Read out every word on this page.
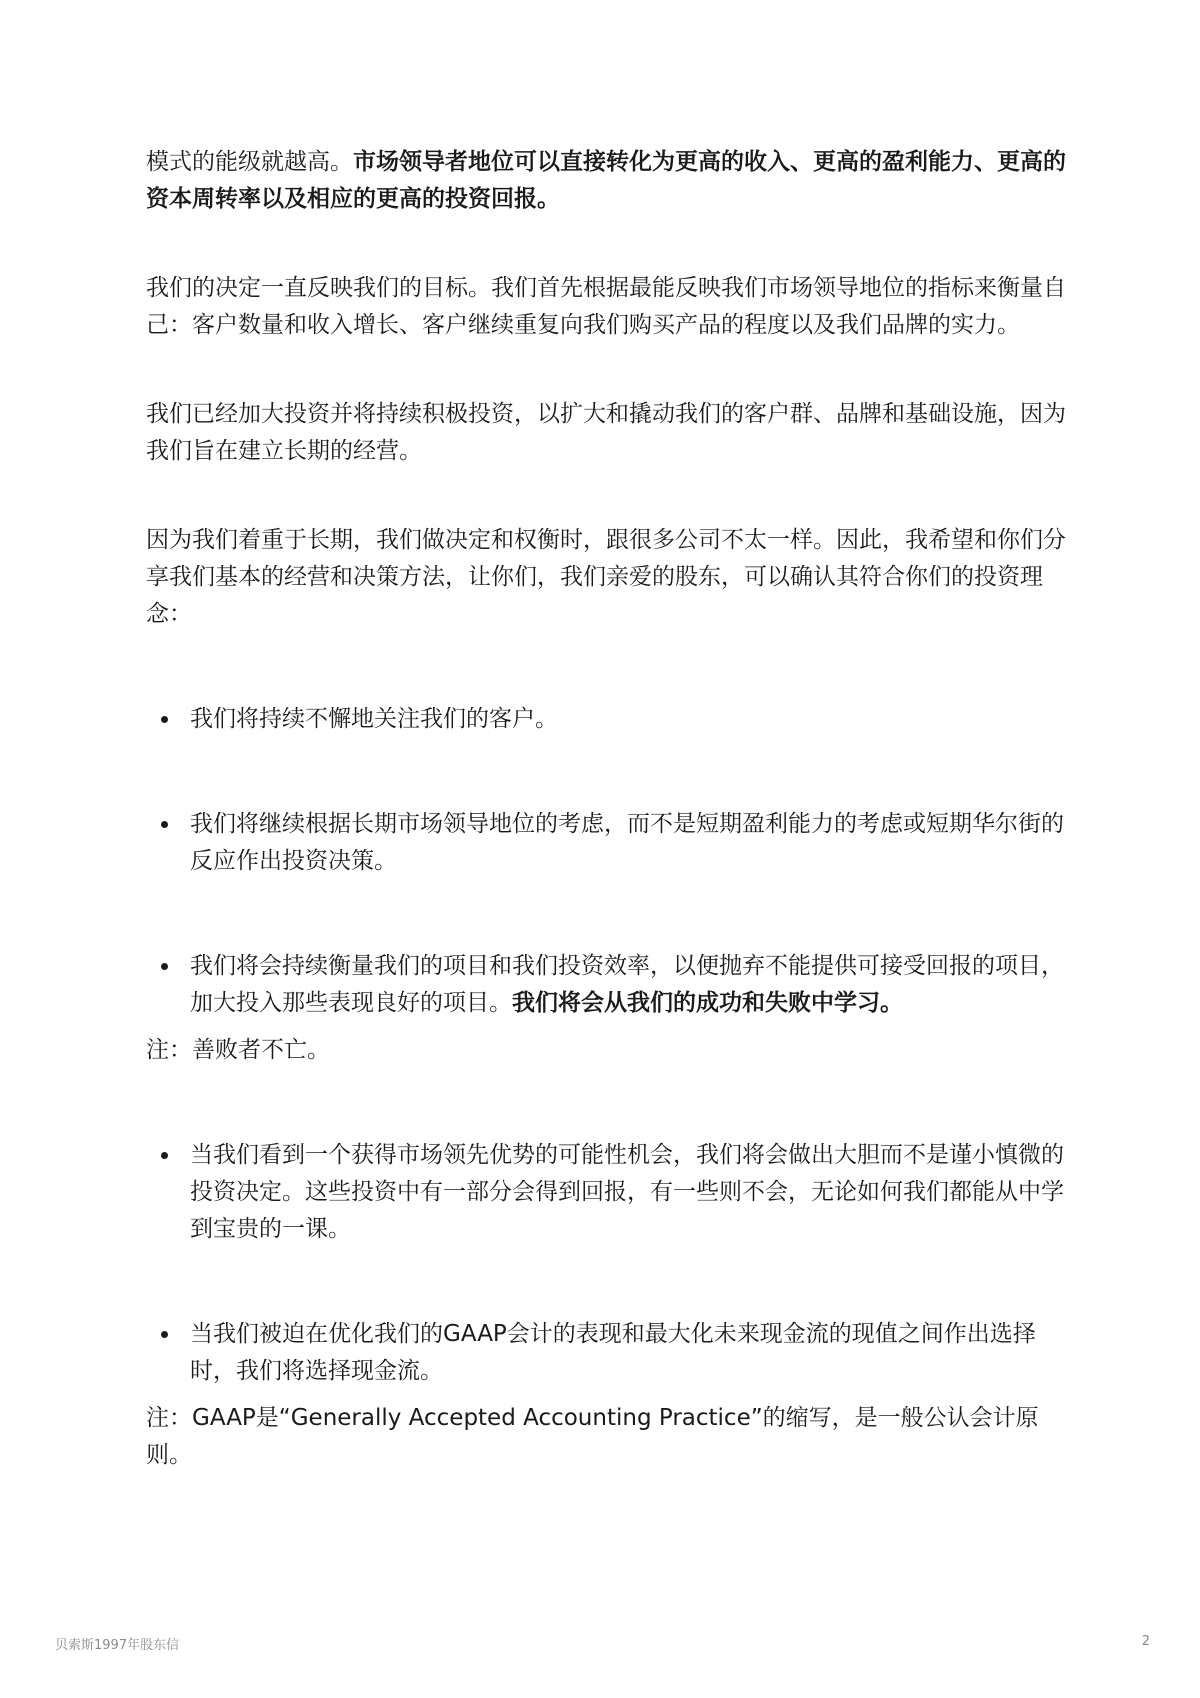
模式的能级就越高。市场领导者地位可以直接转化为更高的收入、更高的盈利能力、更高的资本周转率以及相应的更高的投资回报。

我们的决定一直反映我们的目标。我们首先根据最能反映我们市场领导地位的指标来衡量自己：客户数量和收入增长、客户继续重复向我们购买产品的程度以及我们品牌的实力。

我们已经加大投资并将持续积极投资，以扩大和撬动我们的客户群、品牌和基础设施，因为我们旨在建立长期的经营。

因为我们着重于长期，我们做决定和权衡时，跟很多公司不太一样。因此，我希望和你们分享我们基本的经营和决策方法，让你们，我们亲爱的股东，可以确认其符合你们的投资理念：

我们将持续不懈地关注我们的客户。
我们将继续根据长期市场领导地位的考虑，而不是短期盈利能力的考虑或短期华尔街的反应作出投资决策。
我们将会持续衡量我们的项目和我们投资效率，以便抛弃不能提供可接受回报的项目，加大投入那些表现良好的项目。我们将会从我们的成功和失败中学习。

注：善败者不亡。

当我们看到一个获得市场领先优势的可能性机会，我们将会做出大胆而不是谨小慎微的投资决定。这些投资中有一部分会得到回报，有一些则不会，无论如何我们都能从中学到宝贵的一课。
当我们被迫在优化我们的GAAP会计的表现和最大化未来现金流的现值之间作出选择时，我们将选择现金流。

注：GAAP是“Generally Accepted Accounting Practice”的缩写，是一般公认会计原则。

贝索斯1997年股东信	2
